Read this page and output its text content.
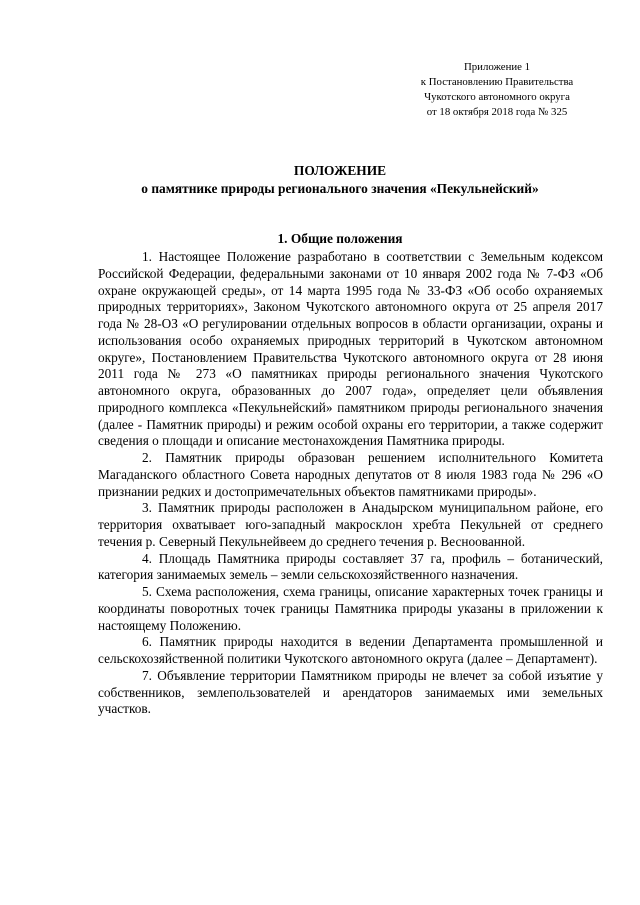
Приложение 1
к Постановлению Правительства
Чукотского автономного округа
от 18 октября 2018 года № 325
ПОЛОЖЕНИЕ
о памятнике природы регионального значения «Пекульнейский»
1. Общие положения

1. Настоящее Положение разработано в соответствии с Земельным кодексом Российской Федерации, федеральными законами от 10 января 2002 года № 7-ФЗ «Об охране окружающей среды», от 14 марта 1995 года № 33-ФЗ «Об особо охраняемых природных территориях», Законом Чукотского автономного округа от 25 апреля 2017 года № 28-ОЗ «О регулировании отдельных вопросов в области организации, охраны и использования особо охраняемых природных территорий в Чукотском автономном округе», Постановлением Правительства Чукотского автономного округа от 28 июня 2011 года № 273 «О памятниках природы регионального значения Чукотского автономного округа, образованных до 2007 года», определяет цели объявления природного комплекса «Пекульнейский» памятником природы регионального значения (далее - Памятник природы) и режим особой охраны его территории, а также содержит сведения о площади и описание местонахождения Памятника природы.

2. Памятник природы образован решением исполнительного Комитета Магаданского областного Совета народных депутатов от 8 июля 1983 года № 296 «О признании редких и достопримечательных объектов памятниками природы».

3. Памятник природы расположен в Анадырском муниципальном районе, его территория охватывает юго-западный макросклон хребта Пекульней от среднего течения р. Северный Пекульнейвеем до среднего течения р. Весноованной.

4. Площадь Памятника природы составляет 37 га, профиль – ботанический, категория занимаемых земель – земли сельскохозяйственного назначения.

5. Схема расположения, схема границы, описание характерных точек границы и координаты поворотных точек границы Памятника природы указаны в приложении к настоящему Положению.

6. Памятник природы находится в ведении Департамента промышленной и сельскохозяйственной политики Чукотского автономного округа (далее – Департамент).

7. Объявление территории Памятником природы не влечет за собой изъятие у собственников, землепользователей и арендаторов занимаемых ими земельных участков.
